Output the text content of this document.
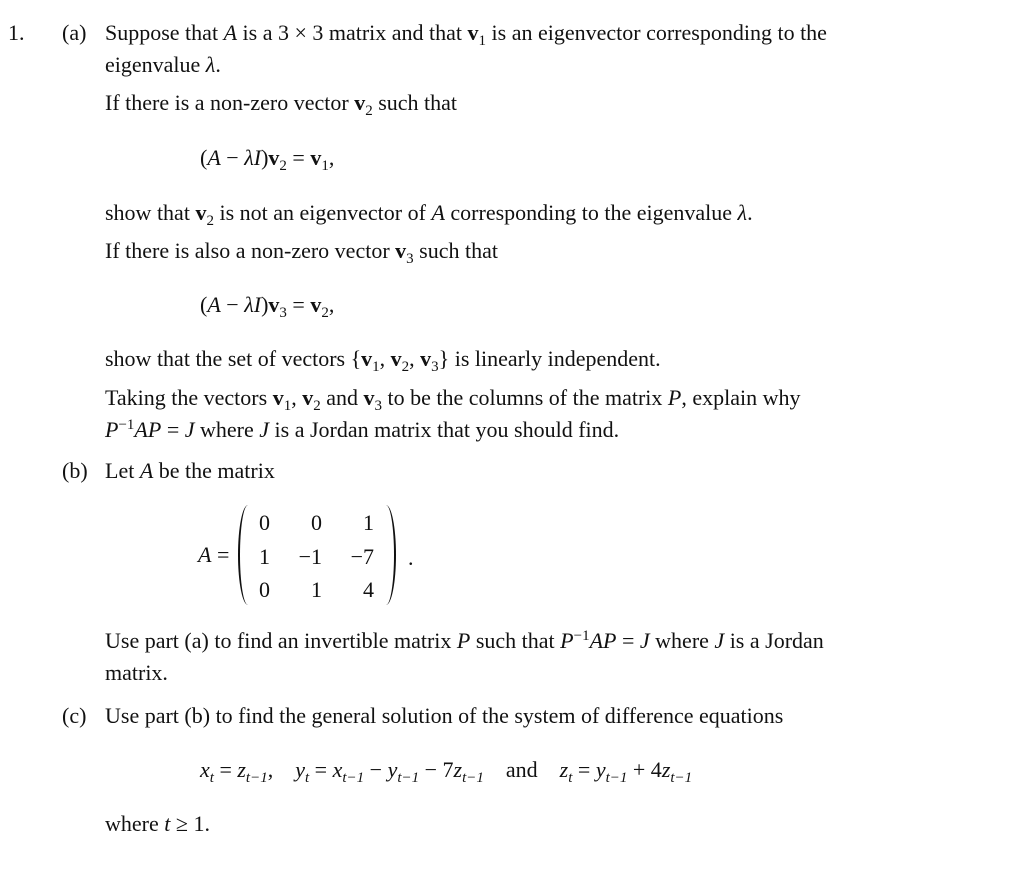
1. (a) Suppose that A is a 3 × 3 matrix and that $v_1$ is an eigenvector corresponding to the
eigenvalue λ.
If there is a non-zero vector $v_2$ such that
$(A - \lambda I)v_2 = v_1$,
show that $v_2$ is not an eigenvector of A corresponding to the eigenvalue λ.
If there is also a non-zero vector $v_3$ such that
$(A - \lambda I)v_3 = v_2$,
show that the set of vectors {$v_1$, $v_2$, $v_3$} is linearly independent.
Taking the vectors $v_1$, $v_2$ and $v_3$ to be the columns of the matrix P, explain why
$P^{-1}AP = J$ where J is a Jordan matrix that you should find.
(b) Let A be the matrix
A =
0	0	1
1 −1 −7
0	1	4
.
Use part (a) to find an invertible matrix P such that $P^{-1}AP = J$ where J is a Jordan
matrix.
(c) Use part (b) to find the general solution of the system of difference equations
$x_t = z_{t-1}$, $y_t = x_{t-1} - y_{t-1} - 7z_{t-1}$ and $z_t = y_{t-1} + 4z_{t-1}$
where t ≥ 1.
